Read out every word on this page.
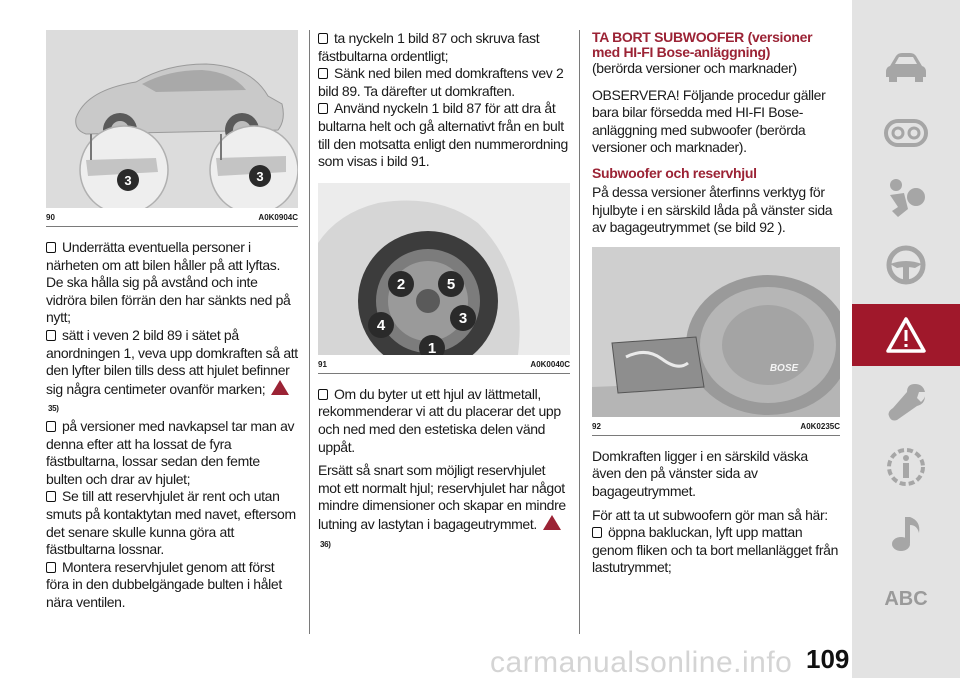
3	3
90	A0K0904C

Underrätta eventuella personer i närheten om att bilen håller på att lyftas. De ska hålla sig på avstånd och inte vidröra bilen förrän den har sänkts ned på nytt;

sätt i veven 2 bild 89 i sätet på anordningen 1, veva upp domkraften så att den lyfter bilen tills dess att hjulet befinner sig några centimeter ovanför marken; 35)

på versioner med navkapsel tar man av denna efter att ha lossat de fyra fästbultarna, lossar sedan den femte bulten och drar av hjulet;

Se till att reservhjulet är rent och utan smuts på kontaktytan med navet, eftersom det senare skulle kunna göra att fästbultarna lossnar.

Montera reservhjulet genom att först föra in den dubbelgängade bulten i hålet nära ventilen.

ta nyckeln 1 bild 87 och skruva fast fästbultarna ordentligt;

Sänk ned bilen med domkraftens vev 2 bild 89. Ta därefter ut domkraften.

Använd nyckeln 1 bild 87 för att dra åt bultarna helt och gå alternativt från en bult till den motsatta enligt den nummerordning som visas i bild 91.

2	5
3
4
1
91	A0K0040C

Om du byter ut ett hjul av lättmetall, rekommenderar vi att du placerar det upp och ned med den estetiska delen vänd uppåt.

Ersätt så snart som möjligt reservhjulet mot ett normalt hjul; reservhjulet har något mindre dimensioner och skapar en mindre lutning av lastytan i bagageutrymmet. 36)

TA BORT SUBWOOFER (versioner med HI-FI Bose-anläggning)

(berörda versioner och marknader)

OBSERVERA! Följande procedur gäller bara bilar försedda med HI-FI Bose-anläggning med subwoofer (berörda versioner och marknader).

Subwoofer och reservhjul

På dessa versioner återfinns verktyg för hjulbyte i en särskild låda på vänster sida av bagageutrymmet (se bild 92 ).

BOSE
92	A0K0235C

Domkraften ligger i en särskild väska även den på vänster sida av bagageutrymmet.

För att ta ut subwoofern gör man så här:

öppna bakluckan, lyft upp mattan genom fliken och ta bort mellanlägget från lastutrymmet;

ABC
carmanualsonline.info 109
